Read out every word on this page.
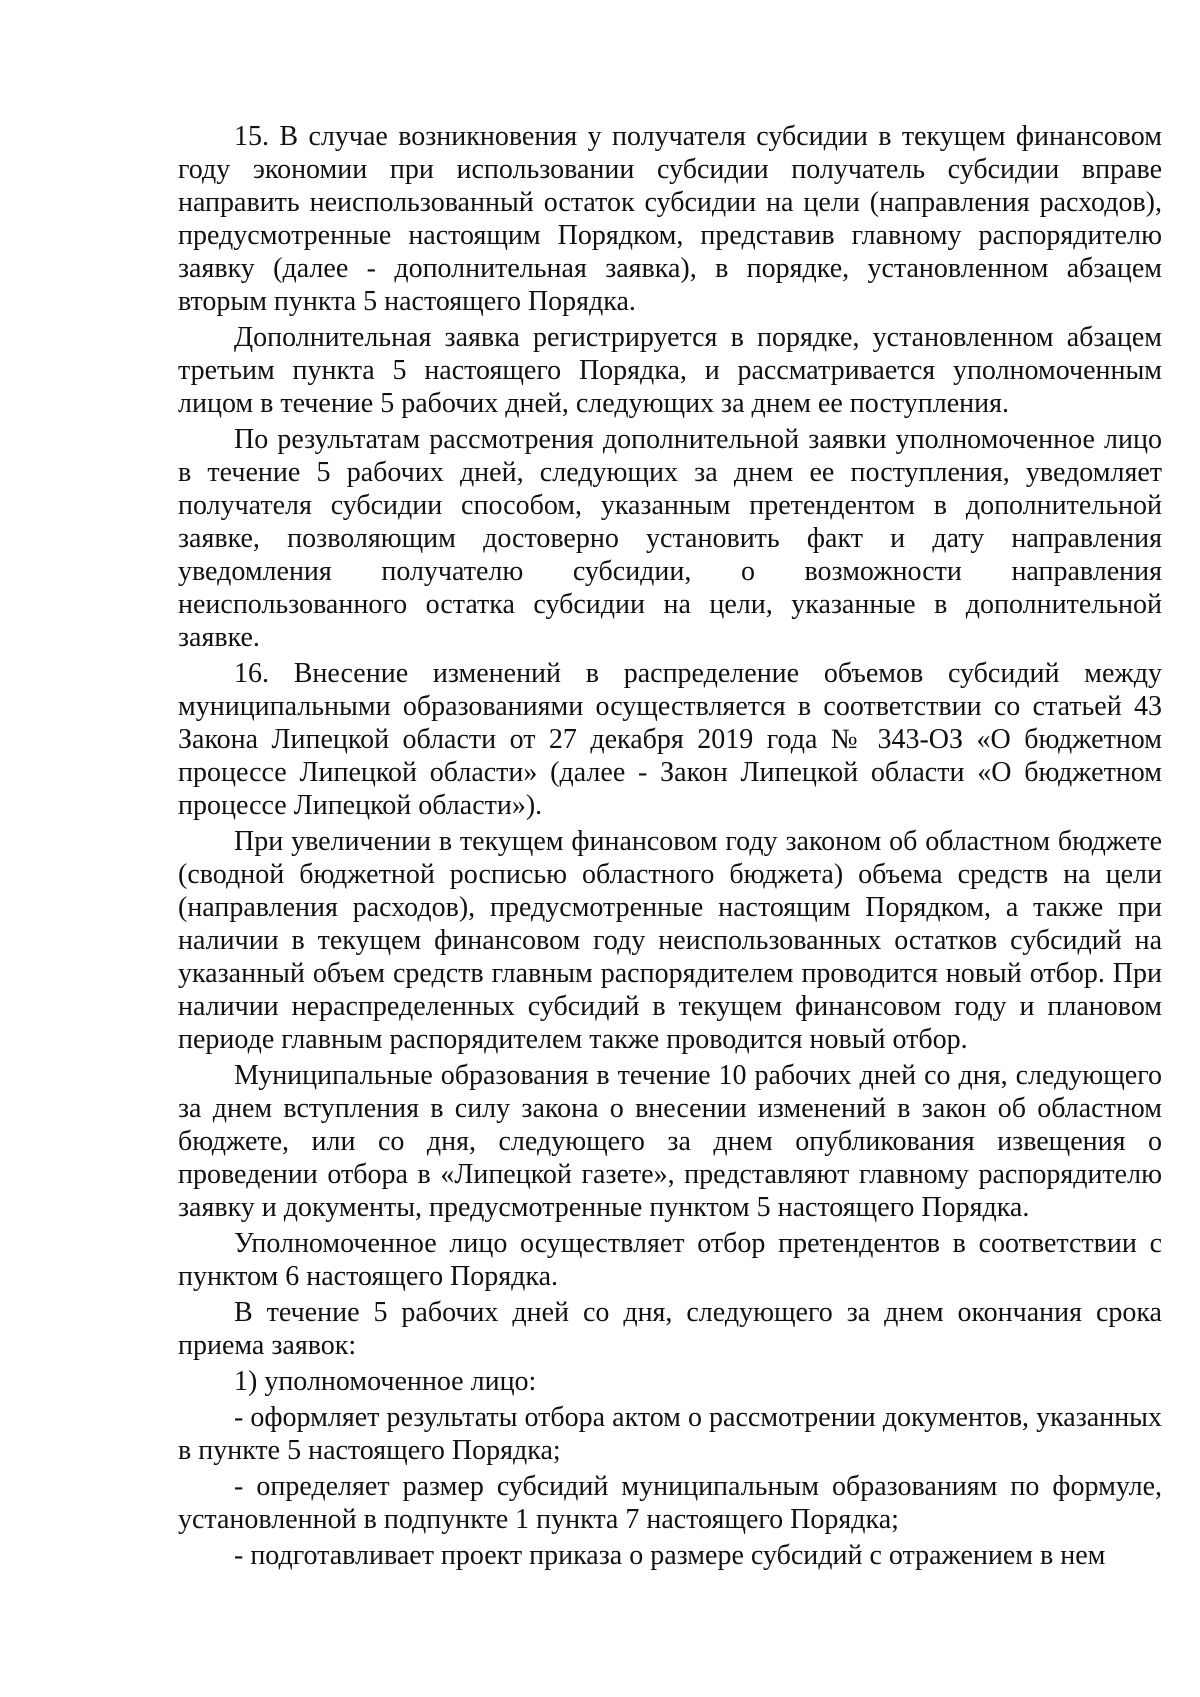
15. В случае возникновения у получателя субсидии в текущем финансовом году экономии при использовании субсидии получатель субсидии вправе направить неиспользованный остаток субсидии на цели (направления расходов), предусмотренные настоящим Порядком, представив главному распорядителю заявку (далее - дополнительная заявка), в порядке, установленном абзацем вторым пункта 5 настоящего Порядка.

Дополнительная заявка регистрируется в порядке, установленном абзацем третьим пункта 5 настоящего Порядка, и рассматривается уполномоченным лицом в течение 5 рабочих дней, следующих за днем ее поступления.

По результатам рассмотрения дополнительной заявки уполномоченное лицо в течение 5 рабочих дней, следующих за днем ее поступления, уведомляет получателя субсидии способом, указанным претендентом в дополнительной заявке, позволяющим достоверно установить факт и дату направления уведомления получателю субсидии, о возможности направления неиспользованного остатка субсидии на цели, указанные в дополнительной заявке.

16. Внесение изменений в распределение объемов субсидий между муниципальными образованиями осуществляется в соответствии со статьей 43 Закона Липецкой области от 27 декабря 2019 года № 343-ОЗ «О бюджетном процессе Липецкой области» (далее - Закон Липецкой области «О бюджетном процессе Липецкой области»).

При увеличении в текущем финансовом году законом об областном бюджете (сводной бюджетной росписью областного бюджета) объема средств на цели (направления расходов), предусмотренные настоящим Порядком, а также при наличии в текущем финансовом году неиспользованных остатков субсидий на указанный объем средств главным распорядителем проводится новый отбор. При наличии нераспределенных субсидий в текущем финансовом году и плановом периоде главным распорядителем также проводится новый отбор.

Муниципальные образования в течение 10 рабочих дней со дня, следующего за днем вступления в силу закона о внесении изменений в закон об областном бюджете, или со дня, следующего за днем опубликования извещения о проведении отбора в «Липецкой газете», представляют главному распорядителю заявку и документы, предусмотренные пунктом 5 настоящего Порядка.

Уполномоченное лицо осуществляет отбор претендентов в соответствии с пунктом 6 настоящего Порядка.

В течение 5 рабочих дней со дня, следующего за днем окончания срока приема заявок:

1) уполномоченное лицо:

- оформляет результаты отбора актом о рассмотрении документов, указанных в пункте 5 настоящего Порядка;

- определяет размер субсидий муниципальным образованиям по формуле, установленной в подпункте 1 пункта 7 настоящего Порядка;

- подготавливает проект приказа о размере субсидий с отражением в нем
